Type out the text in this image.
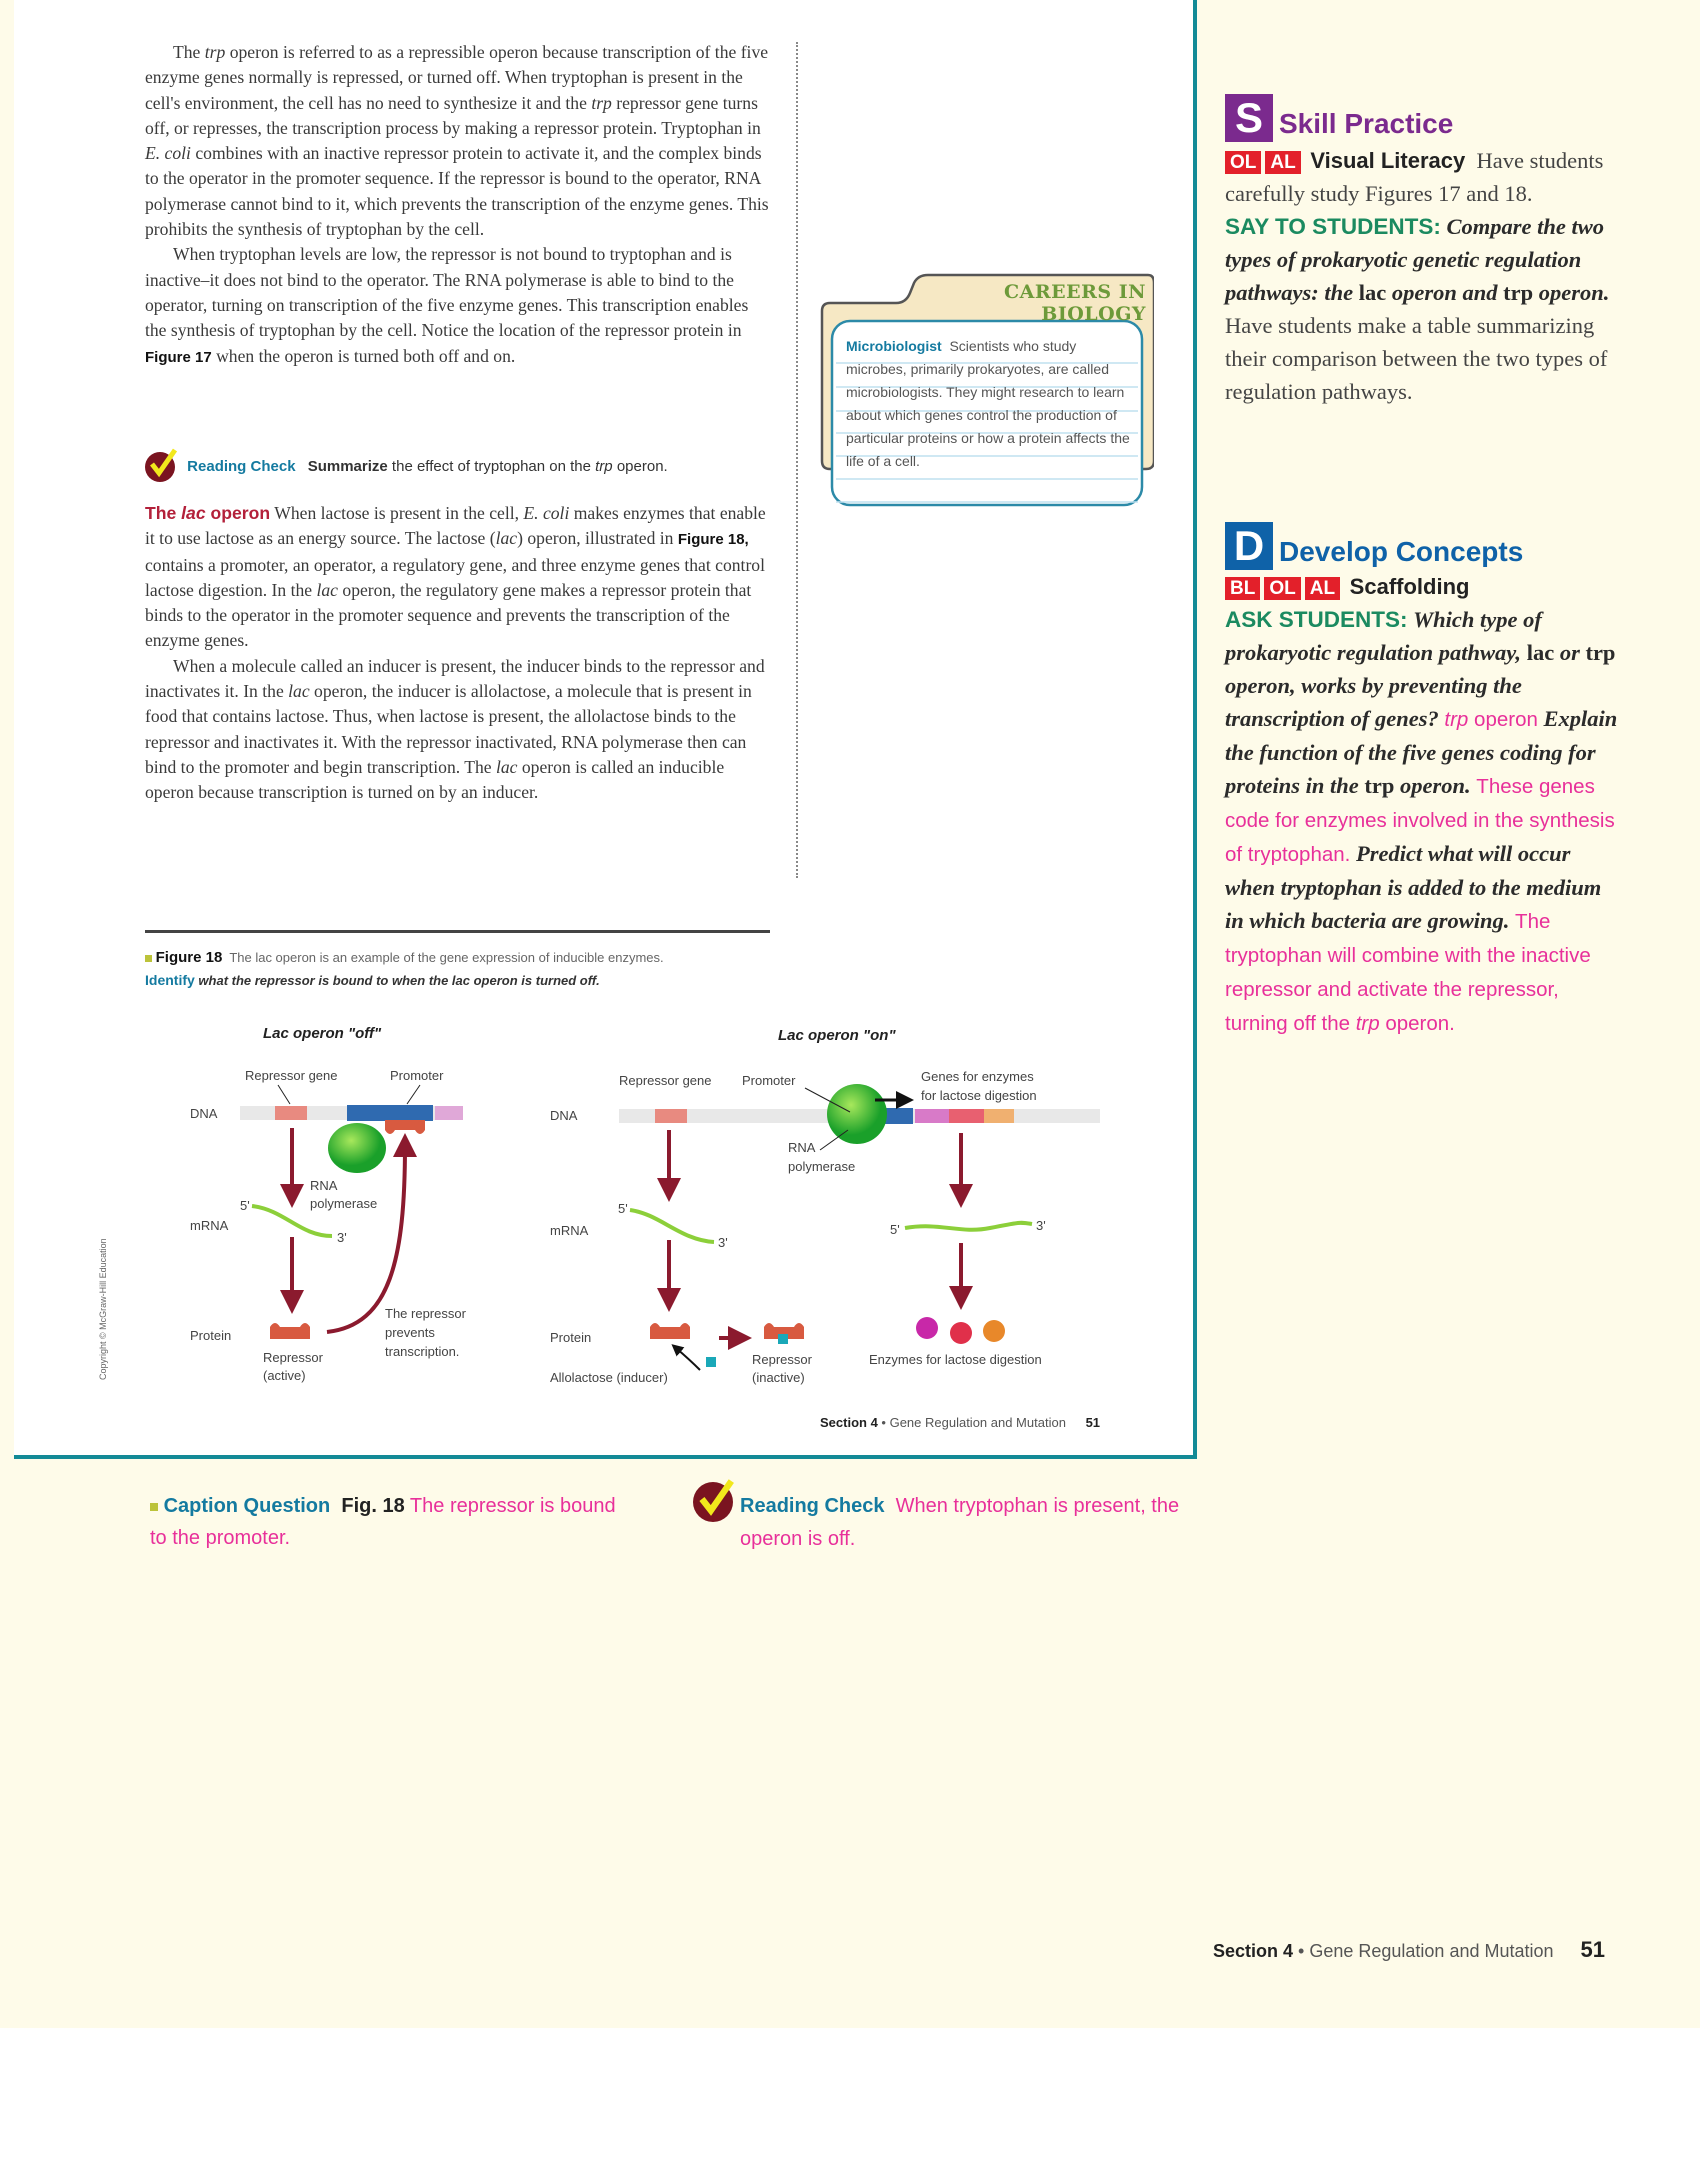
The trp operon is referred to as a repressible operon because transcription of the five enzyme genes normally is repressed, or turned off. When tryptophan is present in the cell's environment, the cell has no need to synthesize it and the trp repressor gene turns off, or represses, the transcription process by making a repressor protein. Tryptophan in E. coli combines with an inactive repressor protein to activate it, and the complex binds to the operator in the promoter sequence. If the repressor is bound to the operator, RNA polymerase cannot bind to it, which prevents the transcription of the enzyme genes. This prohibits the synthesis of tryptophan by the cell.

When tryptophan levels are low, the repressor is not bound to tryptophan and is inactive–it does not bind to the operator. The RNA polymerase is able to bind to the operator, turning on transcription of the five enzyme genes. This transcription enables the synthesis of tryptophan by the cell. Notice the location of the repressor protein in Figure 17 when the operon is turned both off and on.

Reading Check Summarize the effect of tryptophan on the trp operon.

The lac operon When lactose is present in the cell, E. coli makes enzymes that enable it to use lactose as an energy source. The lactose (lac) operon, illustrated in Figure 18, contains a promoter, an operator, a regulatory gene, and three enzyme genes that control lactose digestion. In the lac operon, the regulatory gene makes a repressor protein that binds to the operator in the promoter sequence and prevents the transcription of the enzyme genes.

When a molecule called an inducer is present, the inducer binds to the repressor and inactivates it. In the lac operon, the inducer is allolactose, a molecule that is present in food that contains lactose. Thus, when lactose is present, the allolactose binds to the repressor and inactivates it. With the repressor inactivated, RNA polymerase then can bind to the promoter and begin transcription. The lac operon is called an inducible operon because transcription is turned on by an inducer.

CAREERS IN BIOLOGY
Microbiologist Scientists who study microbes, primarily prokaryotes, are called microbiologists. They might research to learn about which genes control the production of particular proteins or how a protein affects the life of a cell.
Figure 18 The lac operon is an example of the gene expression of inducible enzymes.
Identify what the repressor is bound to when the lac operon is turned off.
Lac operon "off"
Repressor gene	Promoter
DNA
RNA
polymerase
5'
3'
mRNA
Protein
Repressor
(active)
The repressor
prevents
transcription.
Lac operon "on"
Repressor gene Promoter	Genes for enzymes
for lactose digestion
DNA
RNA
polymerase
mRNA
5'
3'
Protein
Allolactose (inducer)
Repressor
(inactive)
5'	3'
Enzymes for lactose digestion
Copyright © McGraw-Hill Education
Section 4 • Gene Regulation and Mutation 51
S Skill Practice
OL AL Visual Literacy Have students carefully study Figures 17 and 18.
SAY TO STUDENTS: Compare the two types of prokaryotic genetic regulation pathways: the lac operon and trp operon. Have students make a table summarizing their comparison between the two types of regulation pathways.
D Develop Concepts
BL OL AL Scaffolding
ASK STUDENTS: Which type of prokaryotic regulation pathway, lac or trp operon, works by preventing the transcription of genes? trp operon Explain the function of the five genes coding for proteins in the trp operon. These genes code for enzymes involved in the synthesis of tryptophan. Predict what will occur when tryptophan is added to the medium in which bacteria are growing. The tryptophan will combine with the inactive repressor and activate the repressor, turning off the trp operon.
Caption Question Fig. 18 The repressor is bound to the promoter.
Reading Check When tryptophan is present, the operon is off.
Section 4 • Gene Regulation and Mutation 51
